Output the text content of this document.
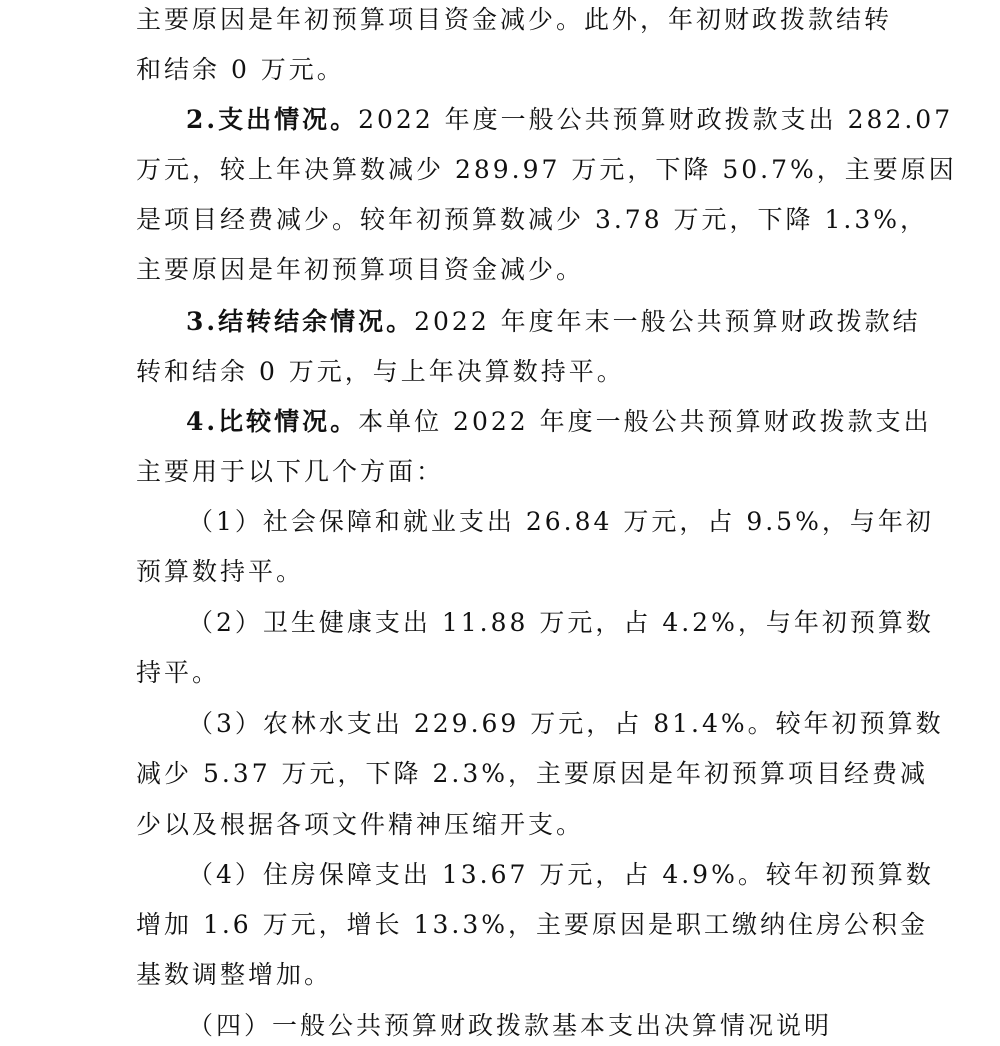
主要原因是年初预算项目资金减少。此外，年初财政拨款结转
和结余 0 万元。
2.支出情况。2022 年度一般公共预算财政拨款支出 282.07
万元，较上年决算数减少 289.97 万元，下降 50.7%，主要原因
是项目经费减少。较年初预算数减少 3.78 万元，下降 1.3%，
主要原因是年初预算项目资金减少。
3.结转结余情况。2022 年度年末一般公共预算财政拨款结
转和结余 0 万元，与上年决算数持平。
4.比较情况。本单位 2022 年度一般公共预算财政拨款支出
主要用于以下几个方面：
（1）社会保障和就业支出 26.84 万元，占 9.5%，与年初
预算数持平。
（2）卫生健康支出 11.88 万元，占 4.2%，与年初预算数
持平。
（3）农林水支出 229.69 万元，占 81.4%。较年初预算数
减少 5.37 万元，下降 2.3%，主要原因是年初预算项目经费减
少以及根据各项文件精神压缩开支。
（4）住房保障支出 13.67 万元，占 4.9%。较年初预算数
增加 1.6 万元，增长 13.3%，主要原因是职工缴纳住房公积金
基数调整增加。
（四）一般公共预算财政拨款基本支出决算情况说明
